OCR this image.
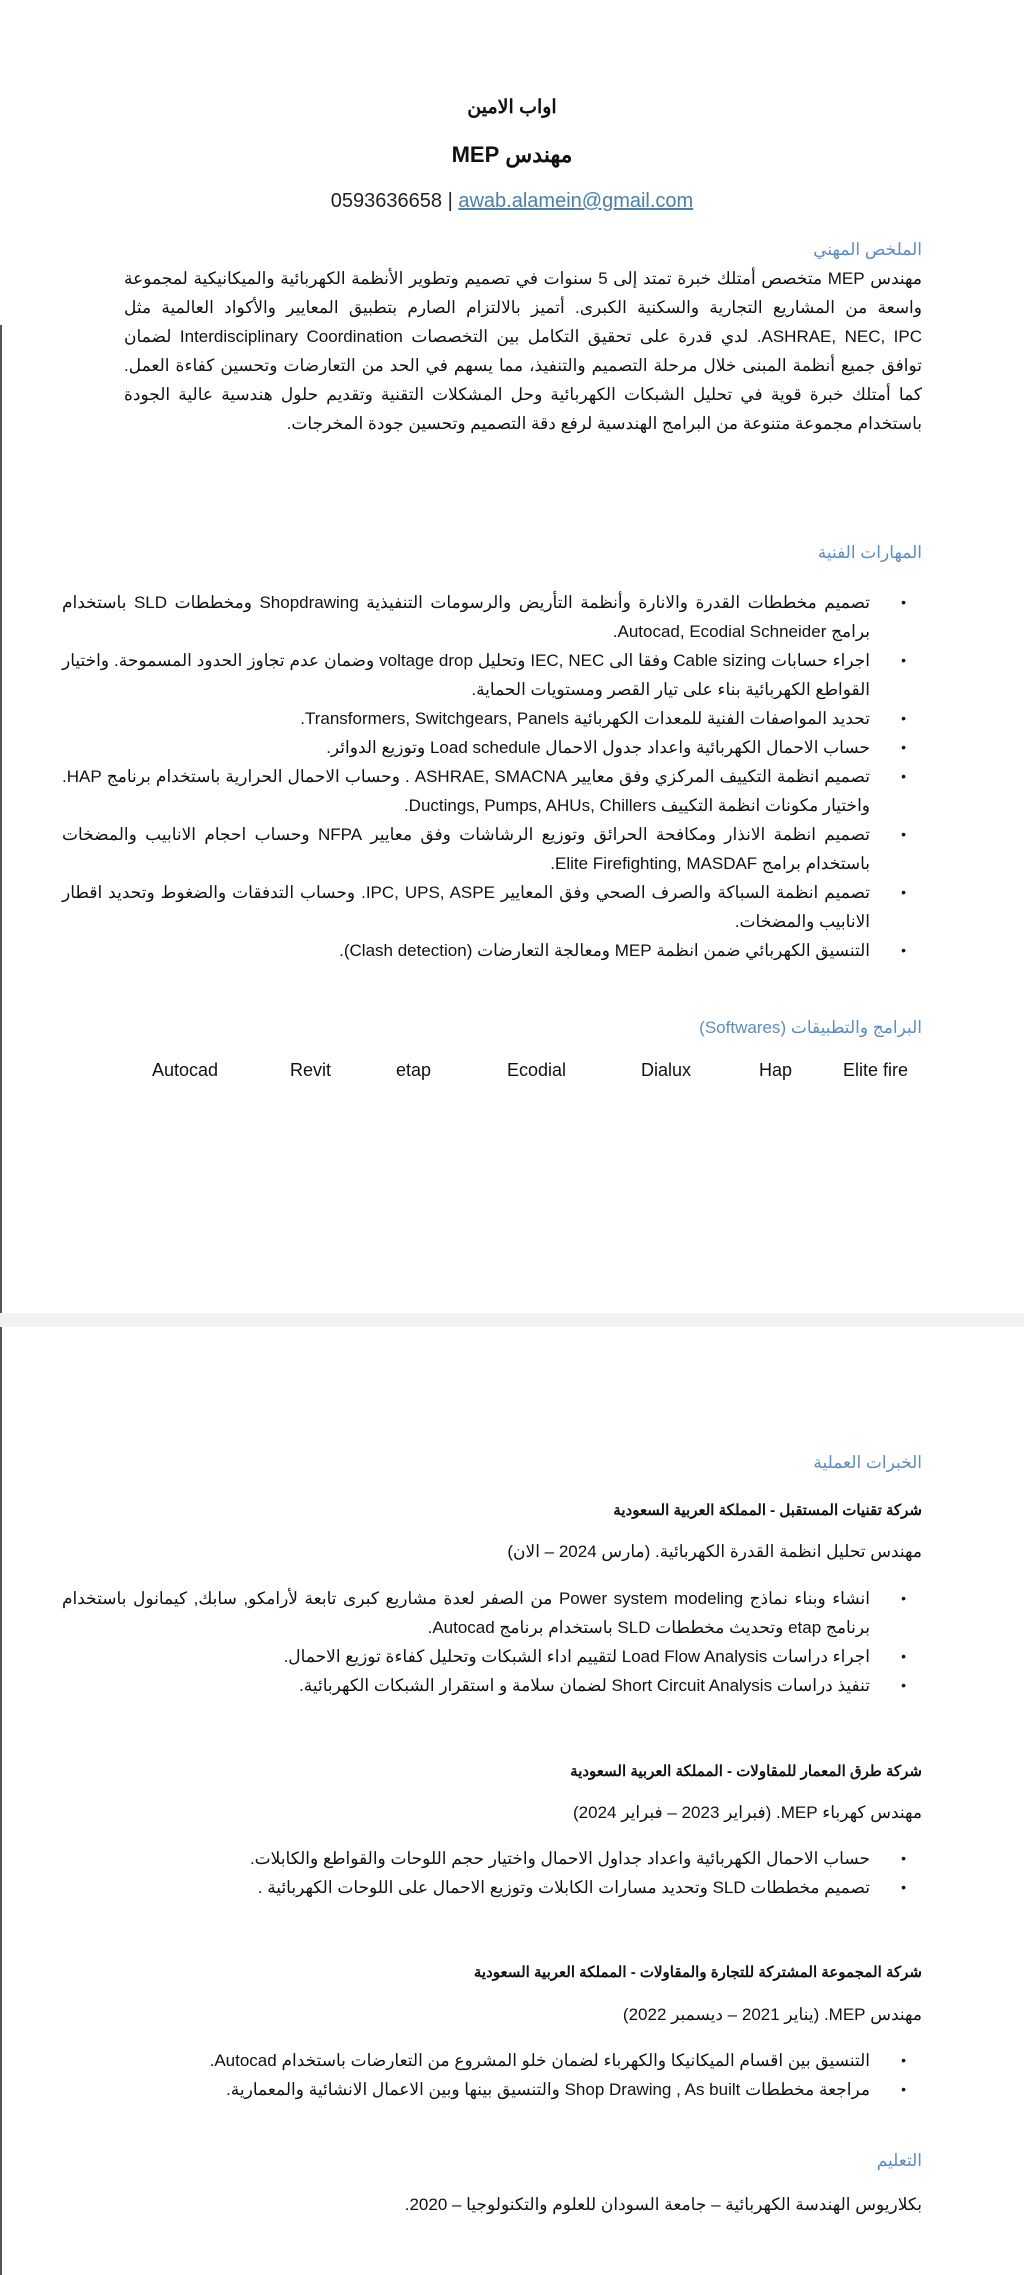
اواب الامين
مهندس MEP
0593636658 | awab.alamein@gmail.com
الملخص المهني
مهندس MEP متخصص أمتلك خبرة تمتد إلى 5 سنوات في تصميم وتطوير الأنظمة الكهربائية والميكانيكية لمجموعة واسعة من المشاريع التجارية والسكنية الكبرى. أتميز بالالتزام الصارم بتطبيق المعايير والأكواد العالمية مثل ASHRAE, NEC, IPC. لدي قدرة على تحقيق التكامل بين التخصصات Interdisciplinary Coordination لضمان توافق جميع أنظمة المبنى خلال مرحلة التصميم والتنفيذ، مما يسهم في الحد من التعارضات وتحسين كفاءة العمل. كما أمتلك خبرة قوية في تحليل الشبكات الكهربائية وحل المشكلات التقنية وتقديم حلول هندسية عالية الجودة باستخدام مجموعة متنوعة من البرامج الهندسية لرفع دقة التصميم وتحسين جودة المخرجات.
المهارات الفنية
• تصميم مخططات القدرة والانارة وأنظمة التأريض والرسومات التنفيذية Shopdrawing ومخططات SLD باستخدام برامج Autocad, Ecodial Schneider.
• اجراء حسابات Cable sizing وفقا الى IEC, NEC وتحليل voltage drop وضمان عدم تجاوز الحدود المسموحة. واختيار القواطع الكهربائية بناء على تيار القصر ومستويات الحماية.
• تحديد المواصفات الفنية للمعدات الكهربائية Transformers, Switchgears, Panels.
• حساب الاحمال الكهربائية واعداد جدول الاحمال Load schedule وتوزيع الدوائر.
• تصميم انظمة التكييف المركزي وفق معايير ASHRAE, SMACNA . وحساب الاحمال الحرارية باستخدام برنامج HAP. واختيار مكونات انظمة التكييف Ductings, Pumps, AHUs, Chillers.
• تصميم انظمة الانذار ومكافحة الحرائق وتوزيع الرشاشات وفق معايير NFPA وحساب احجام الانابيب والمضخات باستخدام برامج Elite Firefighting, MASDAF.
• تصميم انظمة السباكة والصرف الصحي وفق المعايير IPC, UPS, ASPE. وحساب التدفقات والضغوط وتحديد اقطار الانابيب والمضخات.
• التنسيق الكهربائي ضمن انظمة MEP ومعالجة التعارضات (Clash detection).
البرامج والتطبيقات (Softwares)
Elite fire
Hap
Dialux
Ecodial
etap
Revit
Autocad
الخبرات العملية
شركة تقنيات المستقبل - المملكة العربية السعودية
مهندس تحليل انظمة القدرة الكهربائية. (مارس 2024 – الان)
• انشاء وبناء نماذج Power system modeling من الصفر لعدة مشاريع كبرى تابعة لأرامكو, سابك, كيمانول باستخدام برنامج etap وتحديث مخططات SLD باستخدام برنامج Autocad.
• اجراء دراسات Load Flow Analysis لتقييم اداء الشبكات وتحليل كفاءة توزيع الاحمال.
• تنفيذ دراسات Short Circuit Analysis لضمان سلامة و استقرار الشبكات الكهربائية.
شركة طرق المعمار للمقاولات - المملكة العربية السعودية
مهندس كهرباء MEP. (فبراير 2023 – فبراير 2024)
• حساب الاحمال الكهربائية واعداد جداول الاحمال واختيار حجم اللوحات والقواطع والكابلات.
• تصميم مخططات SLD وتحديد مسارات الكابلات وتوزيع الاحمال على اللوحات الكهربائية .
شركة المجموعة المشتركة للتجارة والمقاولات - المملكة العربية السعودية
مهندس MEP. (يناير 2021 – ديسمبر 2022)
• التنسيق بين اقسام الميكانيكا والكهرباء لضمان خلو المشروع من التعارضات باستخدام Autocad.
• مراجعة مخططات Shop Drawing , As built والتنسيق بينها وبين الاعمال الانشائية والمعمارية.
التعليم
بكلاريوس الهندسة الكهربائية – جامعة السودان للعلوم والتكنولوجيا – 2020.
